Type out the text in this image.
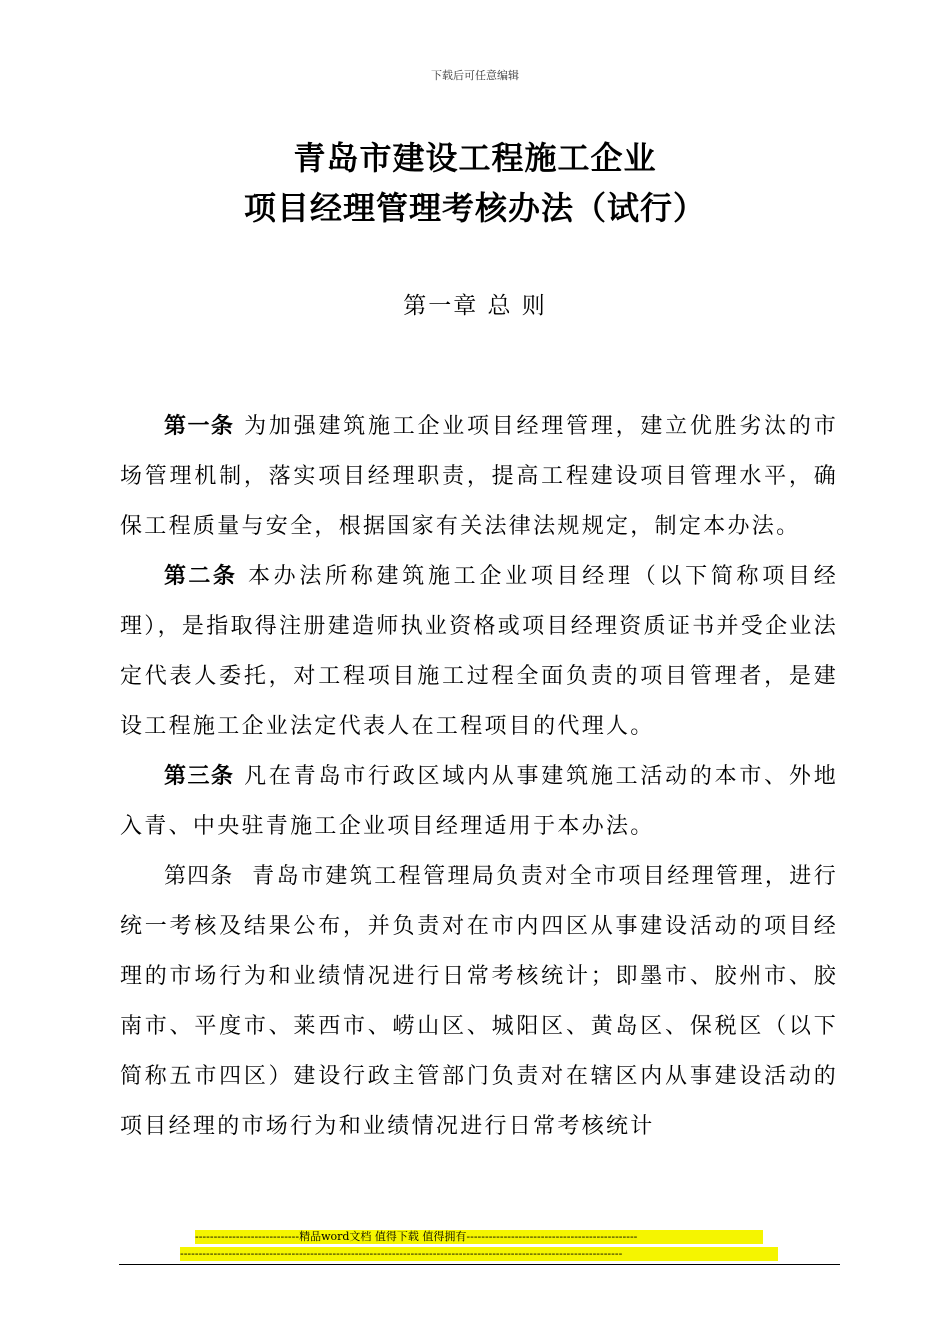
下载后可任意编辑
青岛市建设工程施工企业
项目经理管理考核办法（试行）
第一章 总 则

第一条 为加强建筑施工企业项目经理管理，建立优胜劣汰的市场管理机制，落实项目经理职责，提高工程建设项目管理水平，确保工程质量与安全，根据国家有关法律法规规定，制定本办法。

第二条 本办法所称建筑施工企业项目经理（以下简称项目经理），是指取得注册建造师执业资格或项目经理资质证书并受企业法定代表人委托，对工程项目施工过程全面负责的项目管理者，是建设工程施工企业法定代表人在工程项目的代理人。

第三条 凡在青岛市行政区域内从事建筑施工活动的本市、外地入青、中央驻青施工企业项目经理适用于本办法。

第四条 青岛市建筑工程管理局负责对全市项目经理管理，进行统一考核及结果公布，并负责对在市内四区从事建设活动的项目经理的市场行为和业绩情况进行日常考核统计；即墨市、胶州市、胶南市、平度市、莱西市、崂山区、城阳区、黄岛区、保税区（以下简称五市四区）建设行政主管部门负责对在辖区内从事建设活动的项目经理的市场行为和业绩情况进行日常考核统计

----------------------------精品word文档 值得下载 值得拥有----------------------------------------------
-----------------------------------------------------------------------------------------------------------------------
